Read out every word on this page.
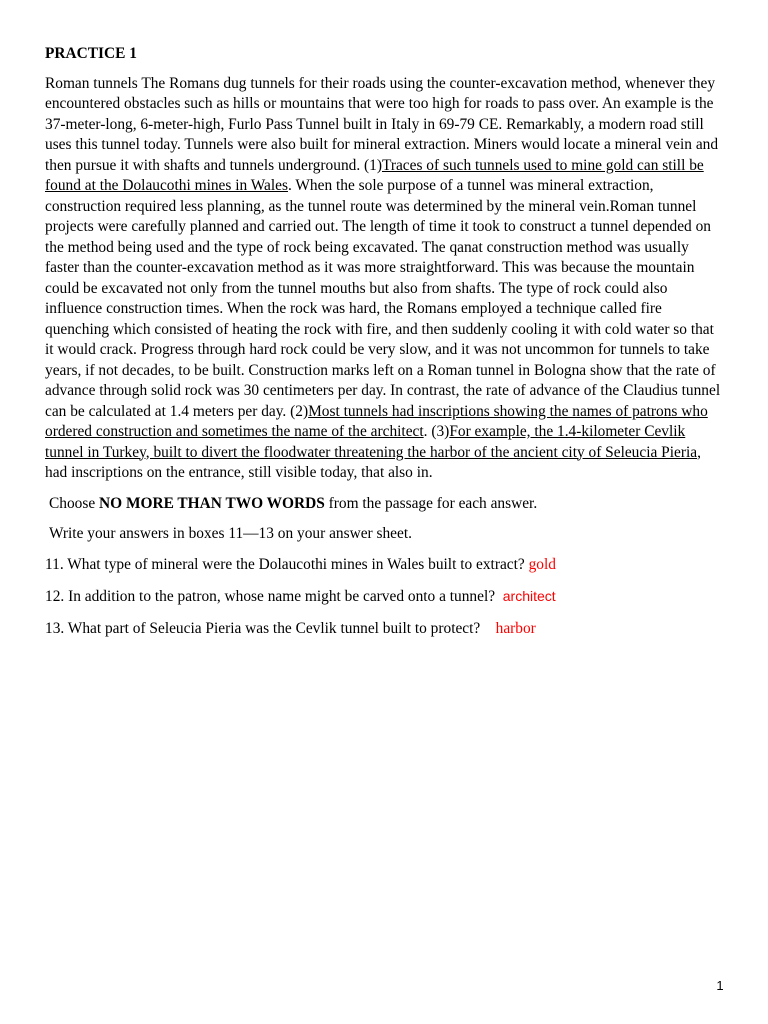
PRACTICE 1

Roman tunnels The Romans dug tunnels for their roads using the counter-excavation method, whenever they encountered obstacles such as hills or mountains that were too high for roads to pass over. An example is the 37-meter-long, 6-meter-high, Furlo Pass Tunnel built in Italy in 69-79 CE. Remarkably, a modern road still uses this tunnel today. Tunnels were also built for mineral extraction. Miners would locate a mineral vein and then pursue it with shafts and tunnels underground. (1)Traces of such tunnels used to mine gold can still be found at the Dolaucothi mines in Wales. When the sole purpose of a tunnel was mineral extraction, construction required less planning, as the tunnel route was determined by the mineral vein.Roman tunnel projects were carefully planned and carried out. The length of time it took to construct a tunnel depended on the method being used and the type of rock being excavated. The qanat construction method was usually faster than the counter-excavation method as it was more straightforward. This was because the mountain could be excavated not only from the tunnel mouths but also from shafts. The type of rock could also influence construction times. When the rock was hard, the Romans employed a technique called fire quenching which consisted of heating the rock with fire, and then suddenly cooling it with cold water so that it would crack. Progress through hard rock could be very slow, and it was not uncommon for tunnels to take years, if not decades, to be built. Construction marks left on a Roman tunnel in Bologna show that the rate of advance through solid rock was 30 centimeters per day. In contrast, the rate of advance of the Claudius tunnel can be calculated at 1.4 meters per day. (2)Most tunnels had inscriptions showing the names of patrons who ordered construction and sometimes the name of the architect. (3)For example, the 1.4-kilometer Cevlik tunnel in Turkey, built to divert the floodwater threatening the harbor of the ancient city of Seleucia Pieria, had inscriptions on the entrance, still visible today, that also in.

Choose NO MORE THAN TWO WORDS from the passage for each answer.

Write your answers in boxes 11—13 on your answer sheet.

11. What type of mineral were the Dolaucothi mines in Wales built to extract? gold

12. In addition to the patron, whose name might be carved onto a tunnel?  architect

13. What part of Seleucia Pieria was the Cevlik tunnel built to protect?    harbor

1
